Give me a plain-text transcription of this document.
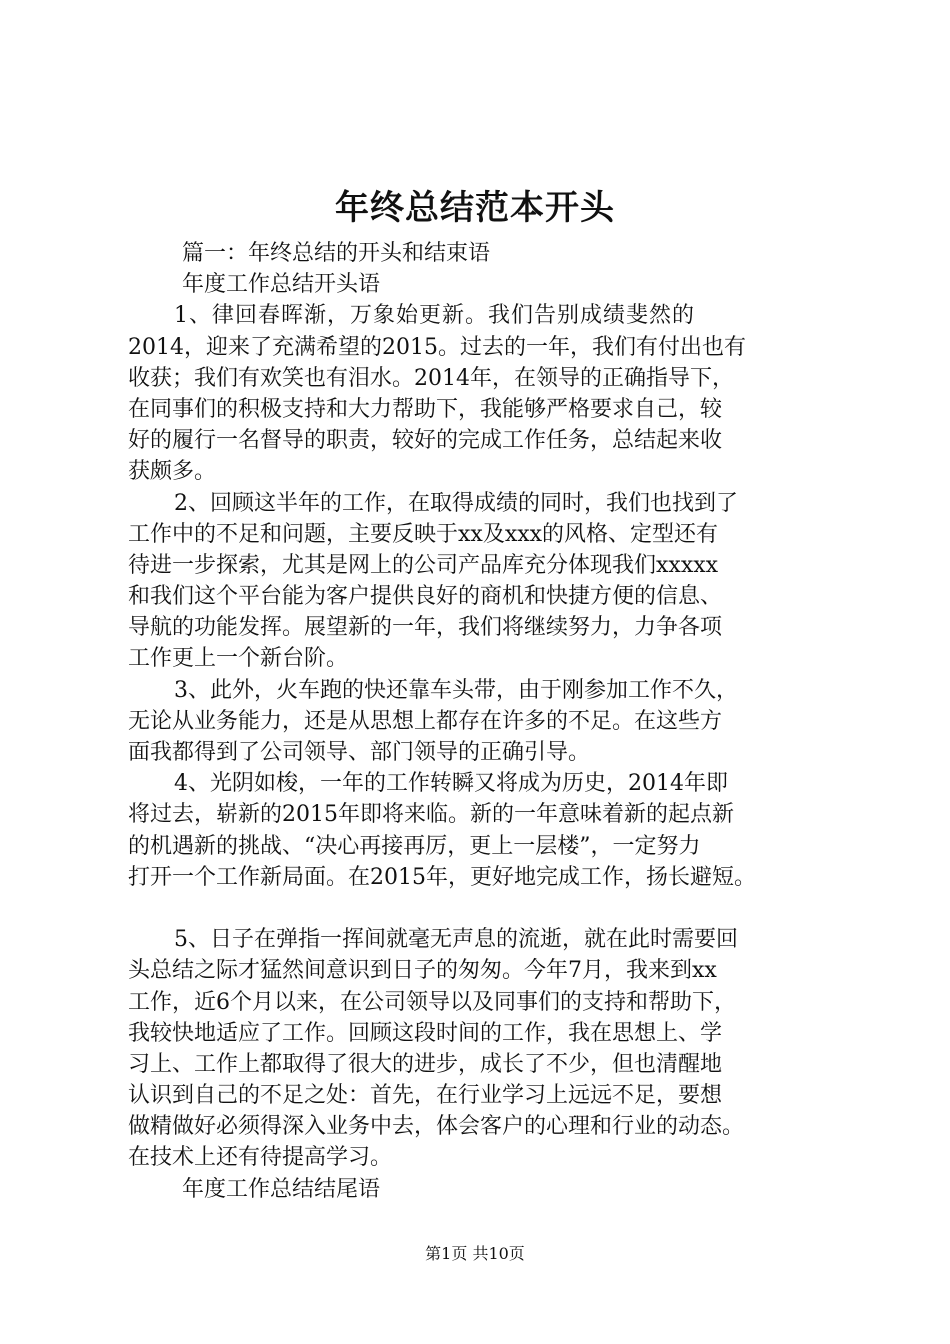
年终总结范本开头

篇一：年终总结的开头和结束语

年度工作总结开头语

1、律回春晖渐，万象始更新。我们告别成绩斐然的

2014，迎来了充满希望的2015。过去的一年，我们有付出也有

收获；我们有欢笑也有泪水。2014年，在领导的正确指导下，

在同事们的积极支持和大力帮助下，我能够严格要求自己，较

好的履行一名督导的职责，较好的完成工作任务，总结起来收

获颇多。

2、回顾这半年的工作，在取得成绩的同时，我们也找到了

工作中的不足和问题，主要反映于xx及xxx的风格、定型还有

待进一步探索，尤其是网上的公司产品库充分体现我们xxxxx

和我们这个平台能为客户提供良好的商机和快捷方便的信息、

导航的功能发挥。展望新的一年，我们将继续努力，力争各项

工作更上一个新台阶。

3、此外，火车跑的快还靠车头带，由于刚参加工作不久，

无论从业务能力，还是从思想上都存在许多的不足。在这些方

面我都得到了公司领导、部门领导的正确引导。

4、光阴如梭，一年的工作转瞬又将成为历史，2014年即

将过去，崭新的2015年即将来临。新的一年意味着新的起点新

的机遇新的挑战、“决心再接再厉，更上一层楼”，一定努力

打开一个工作新局面。在2015年，更好地完成工作，扬长避短。

5、日子在弹指一挥间就毫无声息的流逝，就在此时需要回

头总结之际才猛然间意识到日子的匆匆。今年7月，我来到xx

工作，近6个月以来，在公司领导以及同事们的支持和帮助下，

我较快地适应了工作。回顾这段时间的工作，我在思想上、学

习上、工作上都取得了很大的进步，成长了不少，但也清醒地

认识到自己的不足之处：首先，在行业学习上远远不足，要想

做精做好必须得深入业务中去，体会客户的心理和行业的动态。

在技术上还有待提高学习。

年度工作总结结尾语

第1页 共10页
